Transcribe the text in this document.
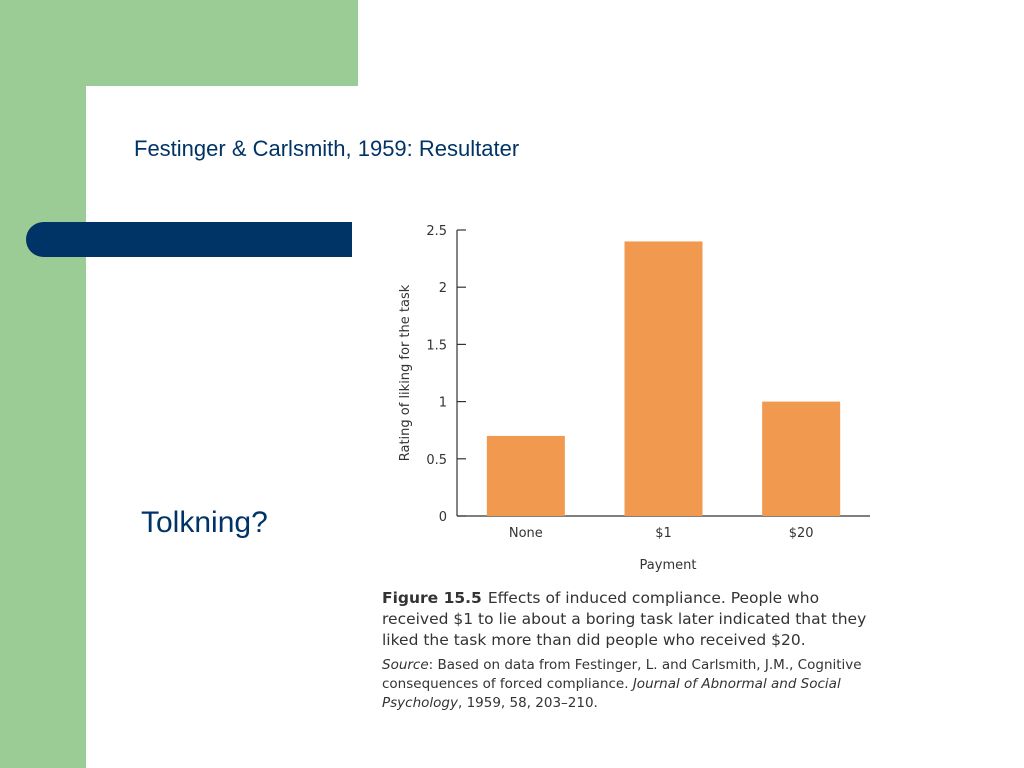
Festinger & Carlsmith, 1959: Resultater
Tolkning?
Rating of liking for the task
Payment
0
0.5
1
1.5
2
2.5
None	$1	$20
Figure 15.5 Effects of induced compliance. People who received $1 to lie about a boring task later indicated that they liked the task more than did people who received $20.
Source: Based on data from Festinger, L. and Carlsmith, J.M., Cognitive consequences of forced compliance. Journal of Abnormal and Social Psychology, 1959, 58, 203–210.
